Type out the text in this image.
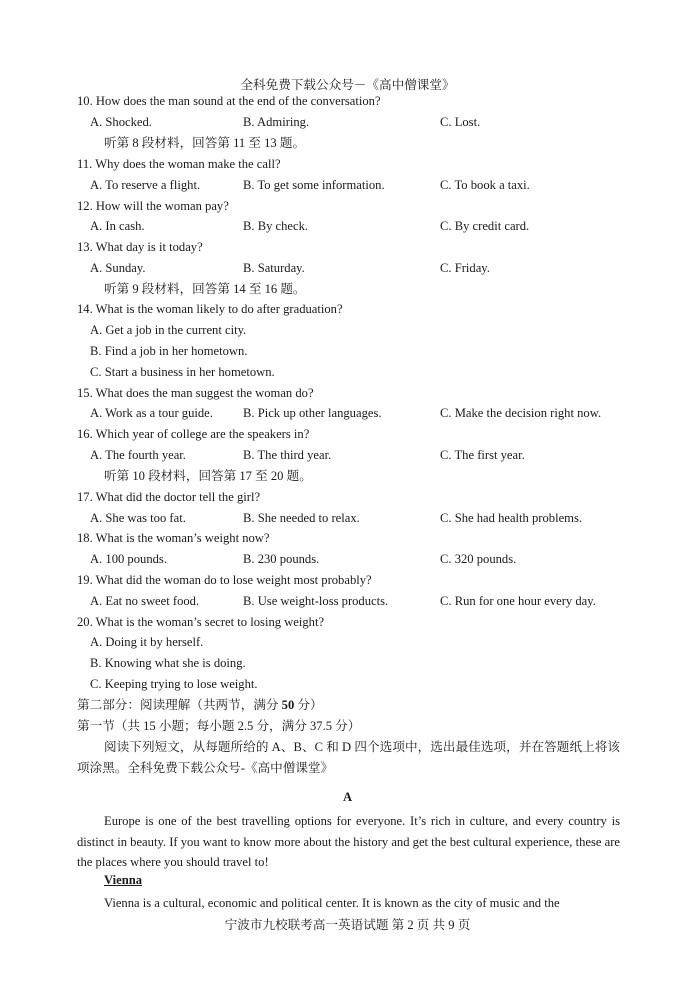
全科免费下载公众号－《高中僧课堂》
10. How does the man sound at the end of the conversation?
A. Shocked.	B. Admiring.	C. Lost.
听第 8 段材料，回答第 11 至 13 题。
11. Why does the woman make the call?
A. To reserve a flight.	B. To get some information.	C. To book a taxi.
12. How will the woman pay?
A. In cash.	B. By check.	C. By credit card.
13. What day is it today?
A. Sunday.	B. Saturday.	C. Friday.
听第 9 段材料，回答第 14 至 16 题。
14. What is the woman likely to do after graduation?
A. Get a job in the current city.
B. Find a job in her hometown.
C. Start a business in her hometown.
15. What does the man suggest the woman do?
A. Work as a tour guide. B. Pick up other languages.	C. Make the decision right now.
16. Which year of college are the speakers in?
A. The fourth year.	B. The third year.	C. The first year.
听第 10 段材料，回答第 17 至 20 题。
17. What did the doctor tell the girl?
A. She was too fat.	B. She needed to relax.	C. She had health problems.
18. What is the woman’s weight now?
A. 100 pounds.	B. 230 pounds.	C. 320 pounds.
19. What did the woman do to lose weight most probably?
A. Eat no sweet food.	B. Use weight-loss products.	C. Run for one hour every day.
20. What is the woman’s secret to losing weight?
A. Doing it by herself.
B. Knowing what she is doing.
C. Keeping trying to lose weight.
第二部分：阅读理解（共两节，满分 50 分）
第一节（共 15 小题；每小题 2.5 分，满分 37.5 分）
阅读下列短文，从每题所给的 A、B、C 和 D 四个选项中，选出最佳选项，并在答题纸上将该项涂黑。全科免费下载公众号-《高中僧课堂》
A
Europe is one of the best travelling options for everyone. It’s rich in culture, and every country is distinct in beauty. If you want to know more about the history and get the best cultural experience, these are the places where you should travel to!
Vienna
Vienna is a cultural, economic and political center. It is known as the city of music and the
宁波市九校联考高一英语试题 第 2 页 共 9 页
